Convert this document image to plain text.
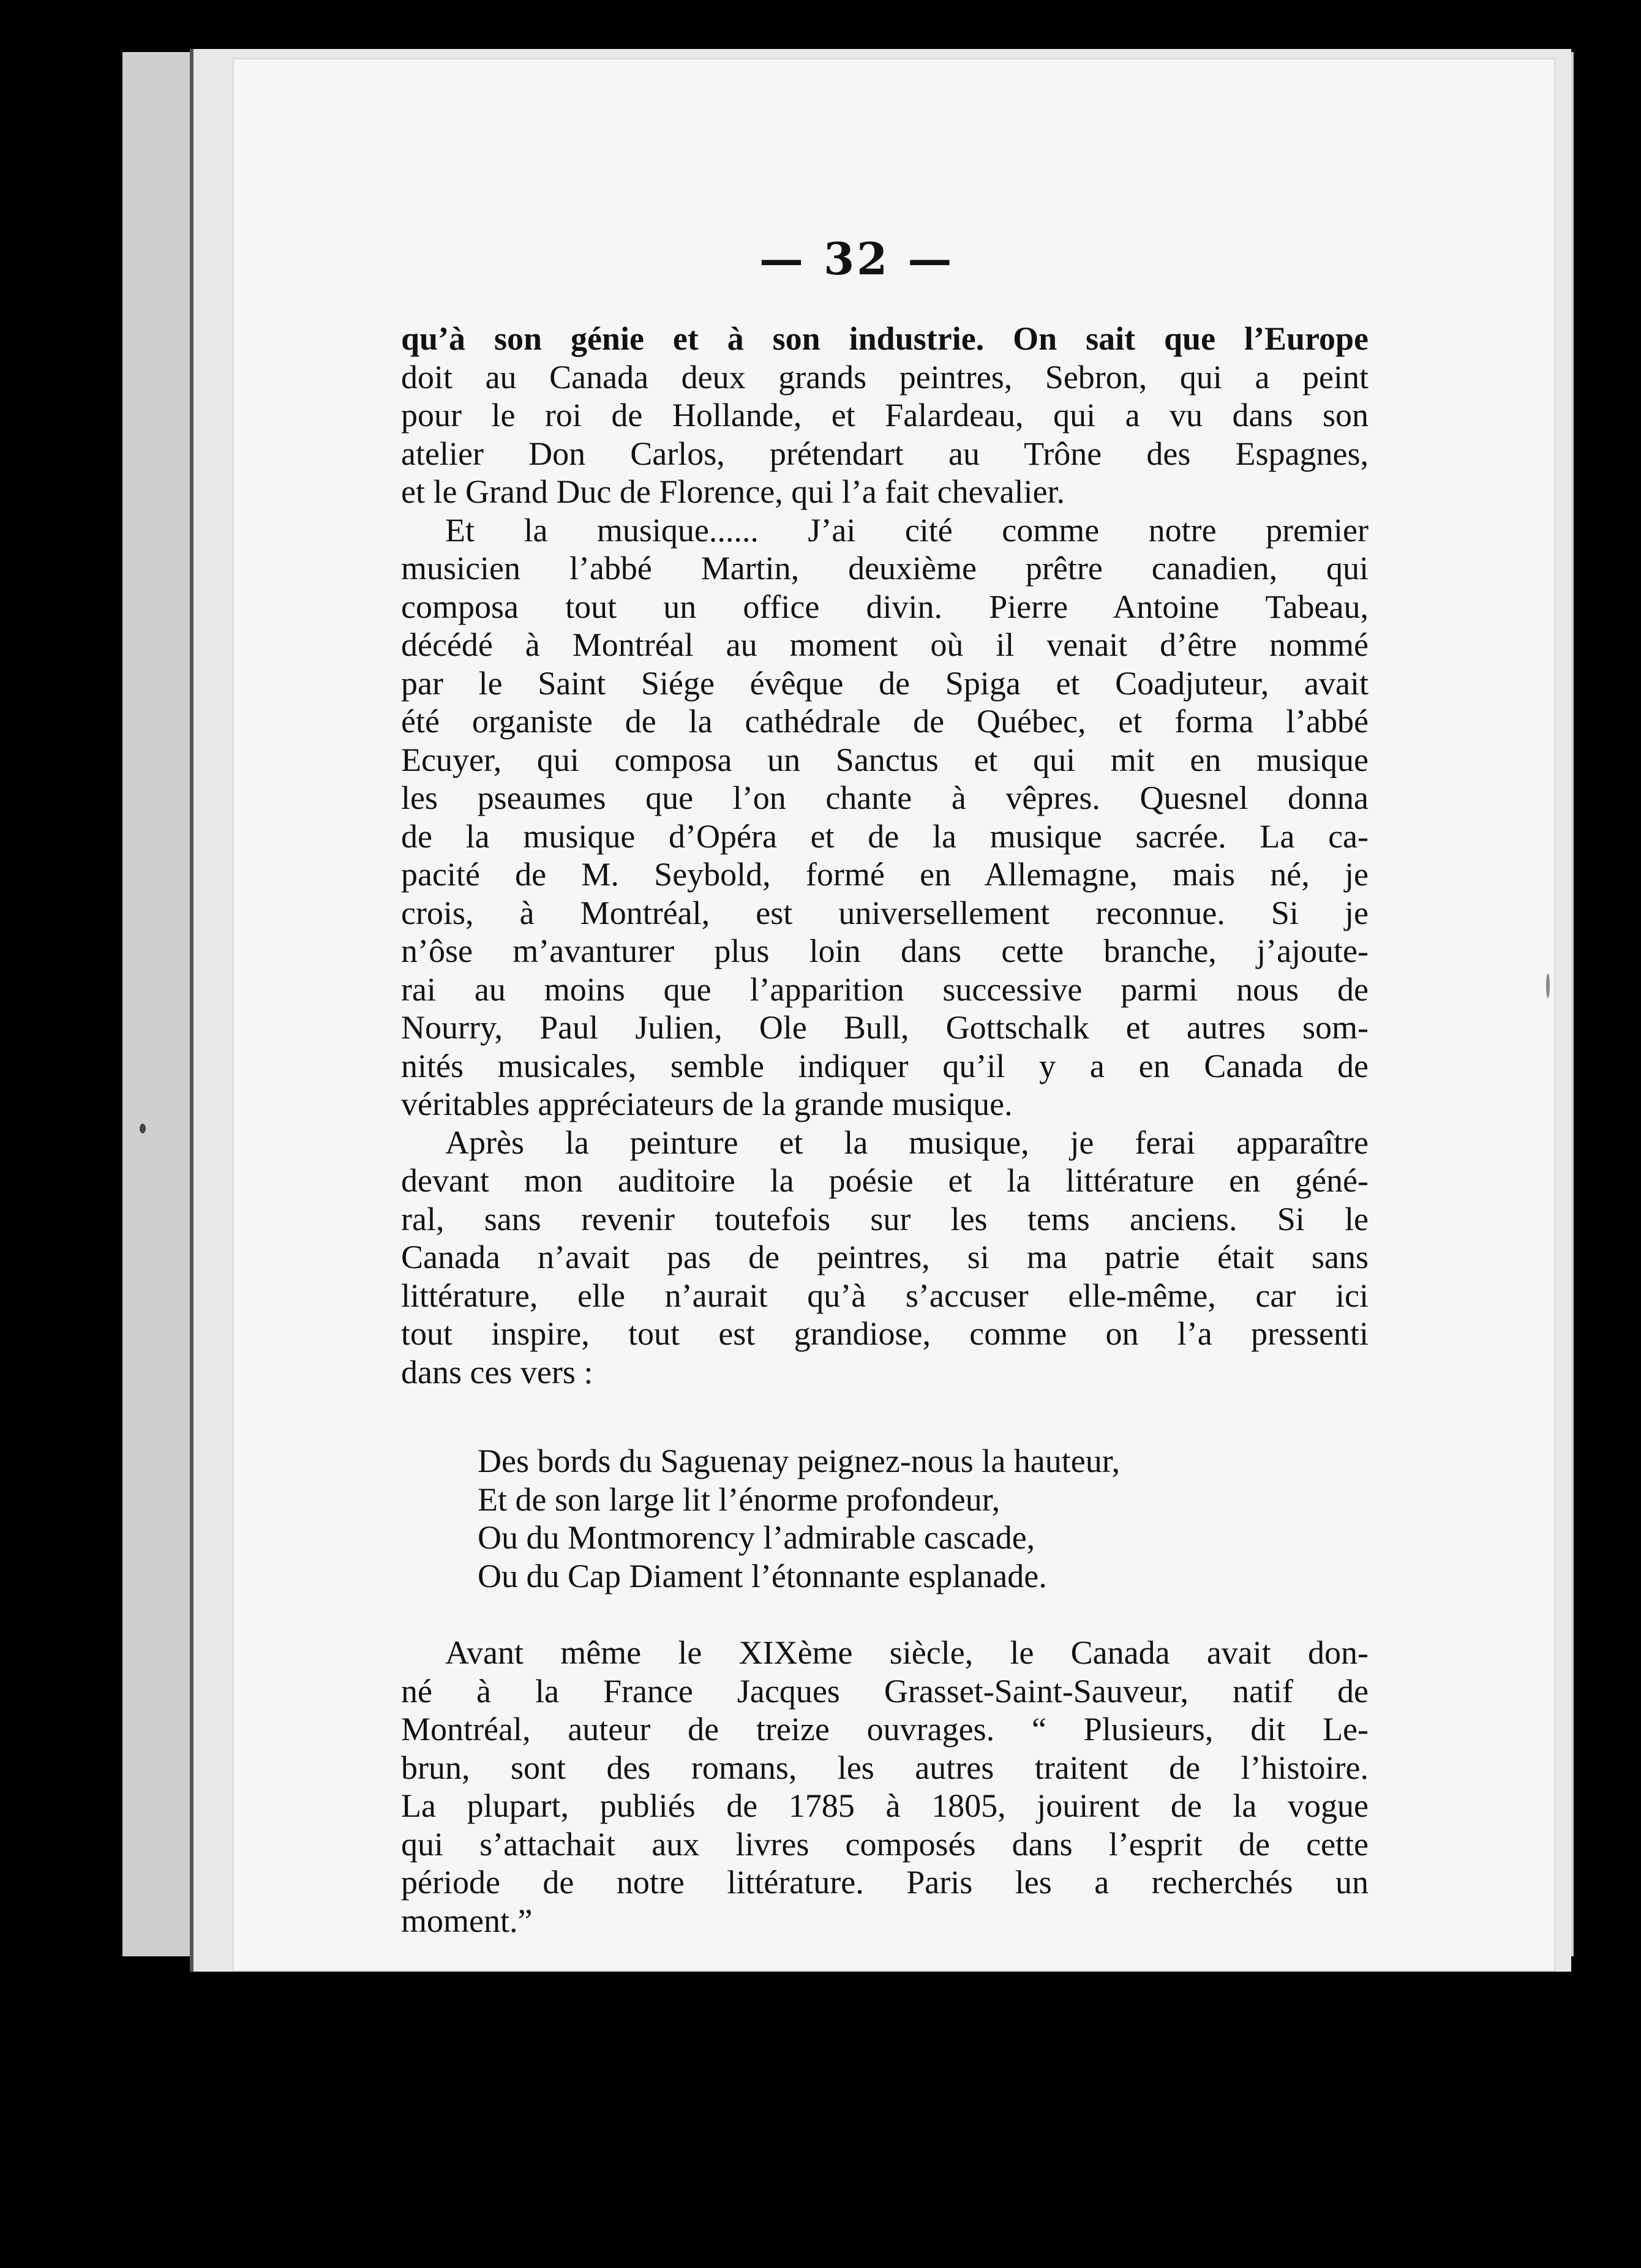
— 32 —
qu’à son génie et à son industrie. On sait que l’Europe
doit au Canada deux grands peintres, Sebron, qui a peint
pour le roi de Hollande, et Falardeau, qui a vu dans son
atelier Don Carlos, prétendart au Trône des Espagnes,
et le Grand Duc de Florence, qui l’a fait chevalier.
Et la musique...... J’ai cité comme notre premier
musicien l’abbé Martin, deuxième prêtre canadien, qui
composa tout un office divin. Pierre Antoine Tabeau,
décédé à Montréal au moment où il venait d’être nommé
par le Saint Siége évêque de Spiga et Coadjuteur, avait
été organiste de la cathédrale de Québec, et forma l’abbé
Ecuyer, qui composa un Sanctus et qui mit en musique
les pseaumes que l’on chante à vêpres. Quesnel donna
de la musique d’Opéra et de la musique sacrée. La ca-
pacité de M. Seybold, formé en Allemagne, mais né, je
crois, à Montréal, est universellement reconnue. Si je
n’ôse m’avanturer plus loin dans cette branche, j’ajoute-
rai au moins que l’apparition successive parmi nous de
Nourry, Paul Julien, Ole Bull, Gottschalk et autres som-
nités musicales, semble indiquer qu’il y a en Canada de
véritables appréciateurs de la grande musique.
Après la peinture et la musique, je ferai apparaître
devant mon auditoire la poésie et la littérature en géné-
ral, sans revenir toutefois sur les tems anciens. Si le
Canada n’avait pas de peintres, si ma patrie était sans
littérature, elle n’aurait qu’à s’accuser elle-même, car ici
tout inspire, tout est grandiose, comme on l’a pressenti
dans ces vers :
Des bords du Saguenay peignez-nous la hauteur,
Et de son large lit l’énorme profondeur,
Ou du Montmorency l’admirable cascade,
Ou du Cap Diament l’étonnante esplanade.
Avant même le XIXème siècle, le Canada avait don-
né à la France Jacques Grasset-Saint-Sauveur, natif de
Montréal, auteur de treize ouvrages. “ Plusieurs, dit Le-
brun, sont des romans, les autres traitent de l’histoire.
La plupart, publiés de 1785 à 1805, jouirent de la vogue
qui s’attachait aux livres composés dans l’esprit de cette
période de notre littérature. Paris les a recherchés un
moment.”
